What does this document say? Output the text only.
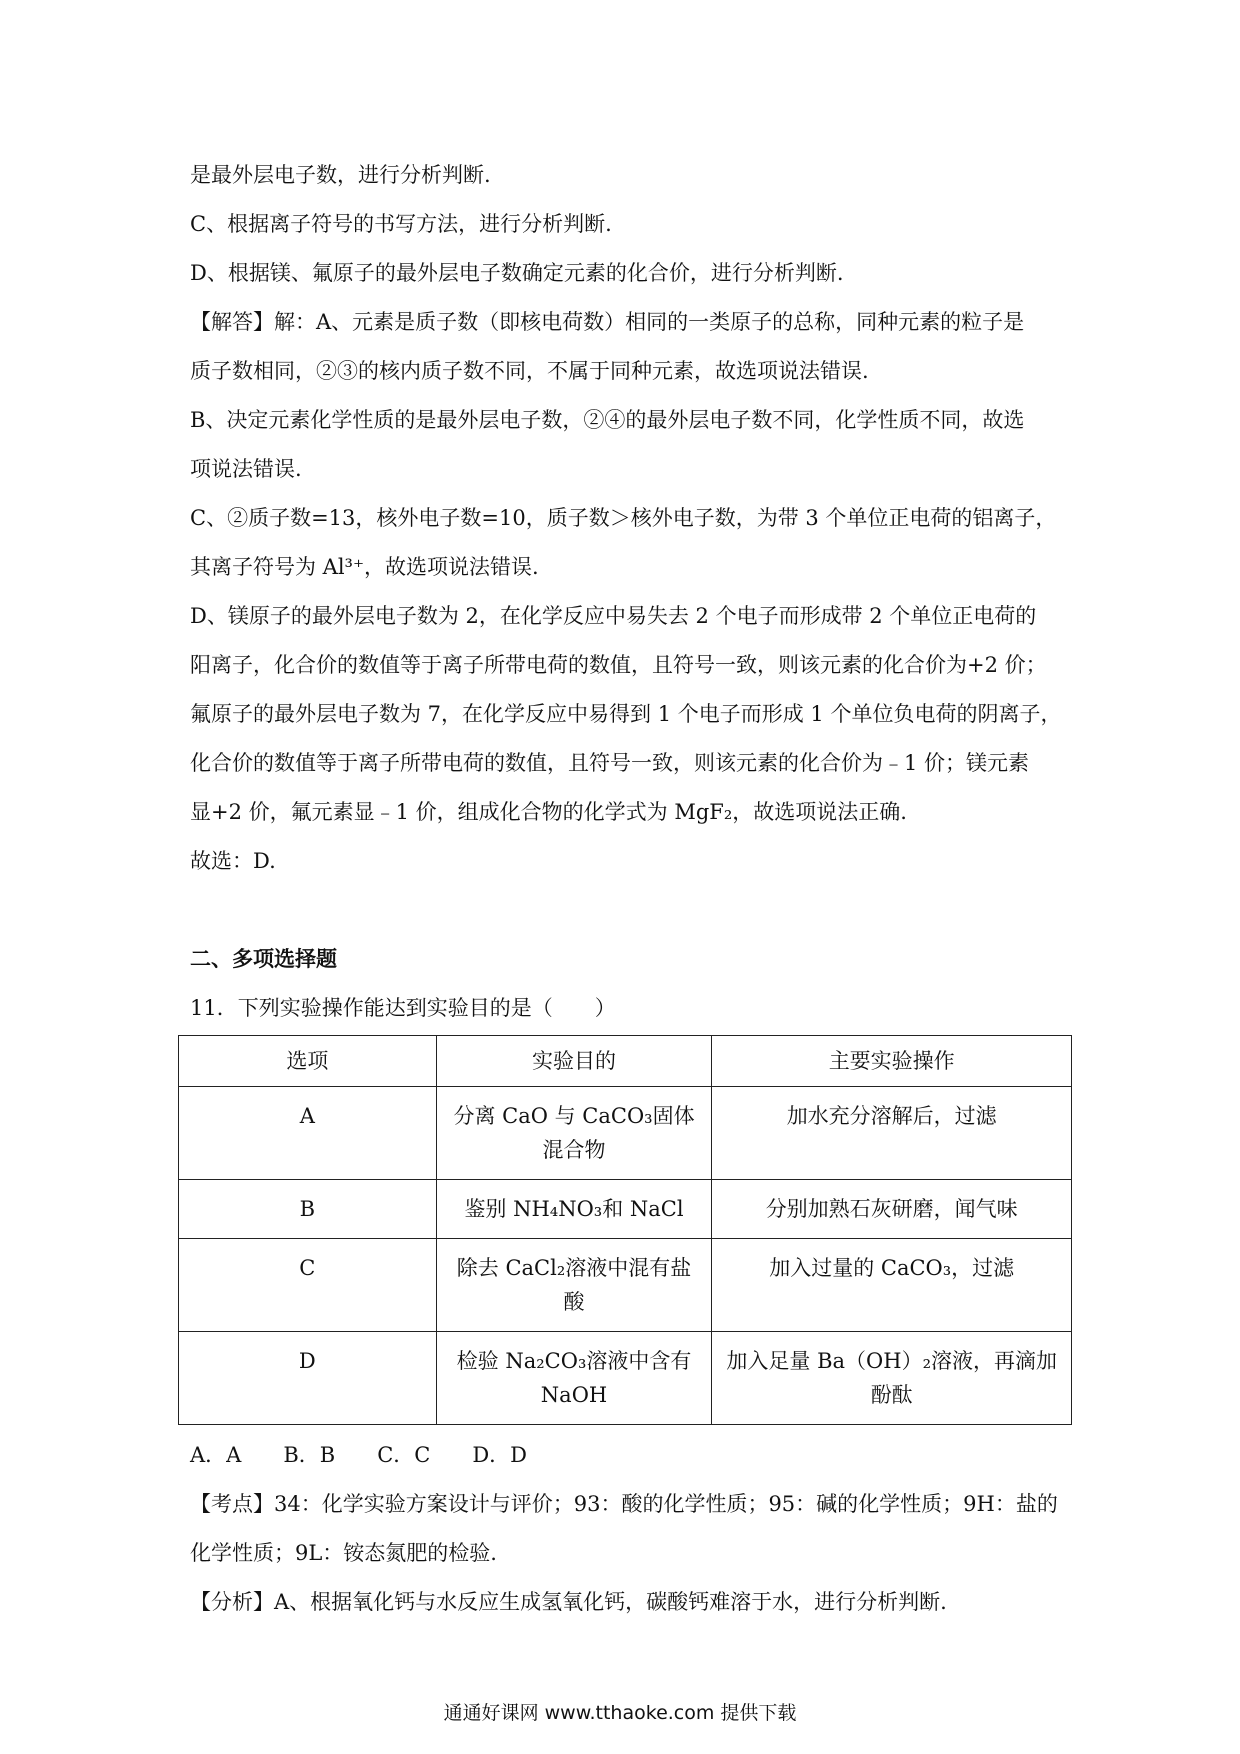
是最外层电子数，进行分析判断.
C、根据离子符号的书写方法，进行分析判断.
D、根据镁、氟原子的最外层电子数确定元素的化合价，进行分析判断.
【解答】解：A、元素是质子数（即核电荷数）相同的一类原子的总称，同种元素的粒子是
质子数相同，②③的核内质子数不同，不属于同种元素，故选项说法错误.
B、决定元素化学性质的是最外层电子数，②④的最外层电子数不同，化学性质不同，故选
项说法错误.
C、②质子数=13，核外电子数=10，质子数＞核外电子数，为带 3 个单位正电荷的铝离子，
其离子符号为 Al³⁺，故选项说法错误.
D、镁原子的最外层电子数为 2，在化学反应中易失去 2 个电子而形成带 2 个单位正电荷的
阳离子，化合价的数值等于离子所带电荷的数值，且符号一致，则该元素的化合价为+2 价；
氟原子的最外层电子数为 7，在化学反应中易得到 1 个电子而形成 1 个单位负电荷的阴离子，
化合价的数值等于离子所带电荷的数值，且符号一致，则该元素的化合价为﹣1 价；镁元素
显+2 价，氟元素显﹣1 价，组成化合物的化学式为 MgF₂，故选项说法正确.
故选：D.
二、多项选择题
11．下列实验操作能达到实验目的是（　　）
选项	实验目的	主要实验操作
A	分离 CaO 与 CaCO₃固体混合物	加水充分溶解后，过滤
B	鉴别 NH₄NO₃和 NaCl	分别加熟石灰研磨，闻气味
C	除去 CaCl₂溶液中混有盐酸	加入过量的 CaCO₃，过滤
D	检验 Na₂CO₃溶液中含有 NaOH	加入足量 Ba（OH）₂溶液，再滴加酚酞
A．A　　B．B　　C．C　　D．D
【考点】34：化学实验方案设计与评价；93：酸的化学性质；95：碱的化学性质；9H：盐的
化学性质；9L：铵态氮肥的检验.
【分析】A、根据氧化钙与水反应生成氢氧化钙，碳酸钙难溶于水，进行分析判断.
通通好课网 www.tthaoke.com 提供下载
